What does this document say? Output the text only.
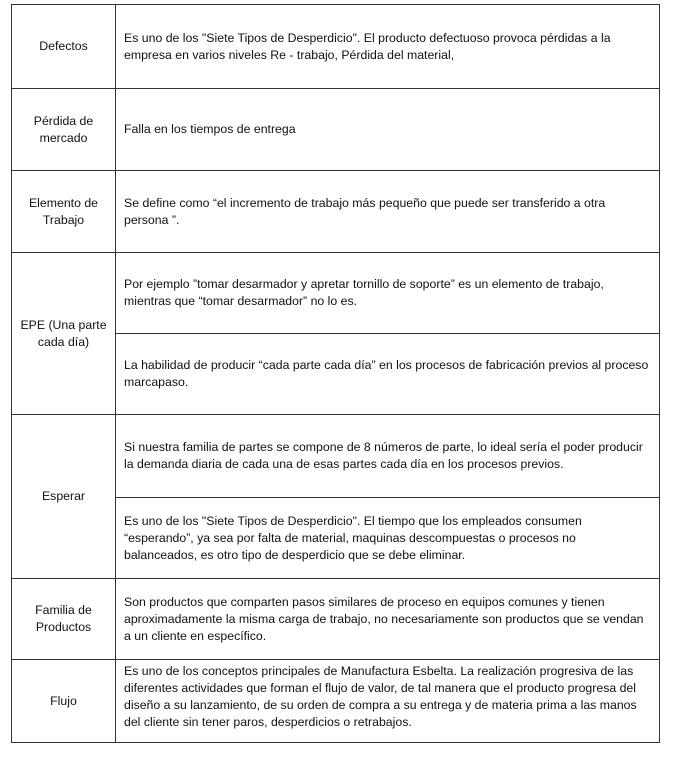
Defectos	Es uno de los "Siete Tipos de Desperdicio". El producto defectuoso provoca pérdidas a la empresa en varios niveles Re - trabajo, Pérdida del material,
Pérdida de mercado	Falla en los tiempos de entrega
Elemento de Trabajo	Se define como “el incremento de trabajo más pequeño que puede ser transferido a otra persona ”.
EPE (Una parte cada día)	Por ejemplo ”tomar desarmador y apretar tornillo de soporte” es un elemento de trabajo, mientras que “tomar desarmador” no lo es.
	La habilidad de producir “cada parte cada día” en los procesos de fabricación previos al proceso marcapaso.
Esperar	Si nuestra familia de partes se compone de 8 números de parte, lo ideal sería el poder producir la demanda diaria de cada una de esas partes cada día en los procesos previos.
	Es uno de los "Siete Tipos de Desperdicio". El tiempo que los empleados consumen “esperando”, ya sea por falta de material, maquinas descompuestas o procesos no balanceados, es otro tipo de desperdicio que se debe eliminar.
Familia de Productos	Son productos que comparten pasos similares de proceso en equipos comunes y tienen aproximadamente la misma carga de trabajo, no necesariamente son productos que se vendan a un cliente en específico.
Flujo	Es uno de los conceptos principales de Manufactura Esbelta. La realización progresiva de las diferentes actividades que forman el flujo de valor, de tal manera que el producto progresa del diseño a su lanzamiento, de su orden de compra a su entrega y de materia prima a las manos del cliente sin tener paros, desperdicios o retrabajos.
